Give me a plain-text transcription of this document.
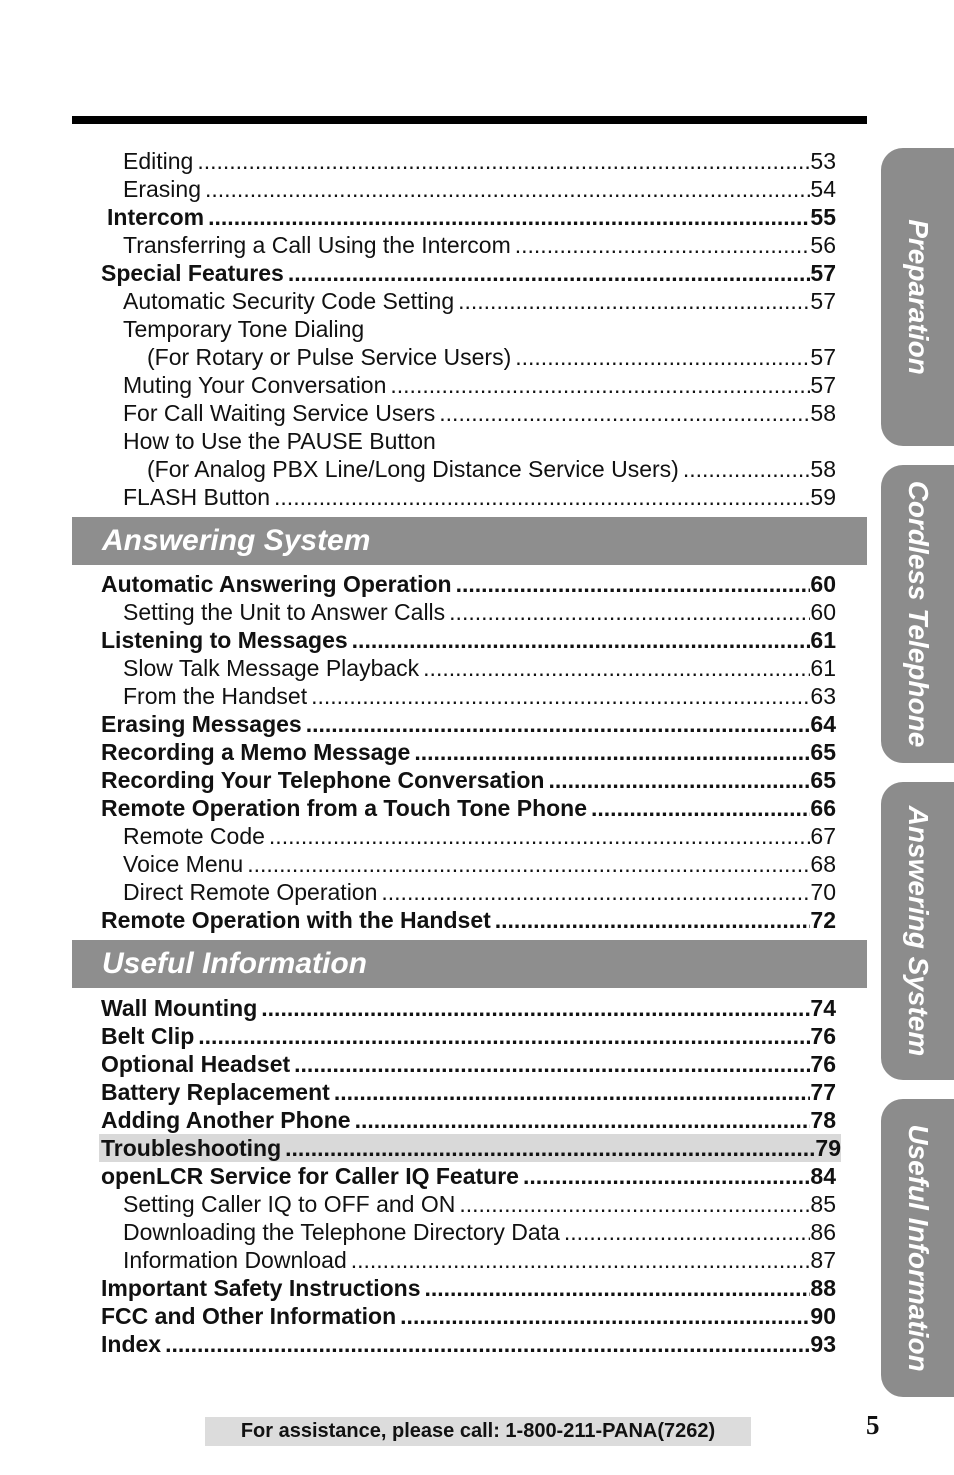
Editing .....	53
Erasing .....	54
Intercom .....	55
Transferring a Call Using the Intercom .....	56
Special Features .....	57
Automatic Security Code Setting .....	57
Temporary Tone Dialing
(For Rotary or Pulse Service Users) .....	57
Muting Your Conversation .....	57
For Call Waiting Service Users .....	58
How to Use the PAUSE Button
(For Analog PBX Line/Long Distance Service Users) .....	58
FLASH Button .....	59
Automatic Answering Operation .....	60
Setting the Unit to Answer Calls .....	60
Listening to Messages .....	61
Slow Talk Message Playback .....	61
From the Handset .....	63
Erasing Messages .....	64
Recording a Memo Message .....	65
Recording Your Telephone Conversation .....	65
Remote Operation from a Touch Tone Phone .....	66
Remote Code .....	67
Voice Menu .....	68
Direct Remote Operation .....	70
Remote Operation with the Handset .....	72
Wall Mounting .....	74
Belt Clip .....	76
Optional Headset .....	76
Battery Replacement .....	77
Adding Another Phone .....	78
Troubleshooting .....	79
openLCR Service for Caller IQ Feature .....	84
Setting Caller IQ to OFF and ON .....	85
Downloading the Telephone Directory Data .....	86
Information Download .....	87
Important Safety Instructions .....	88
FCC and Other Information .....	90
Index .....	93
Answering System
Useful Information
Preparation
Cordless Telephone
Answering System
Useful Information
For assistance, please call: 1-800-211-PANA(7262)	5
